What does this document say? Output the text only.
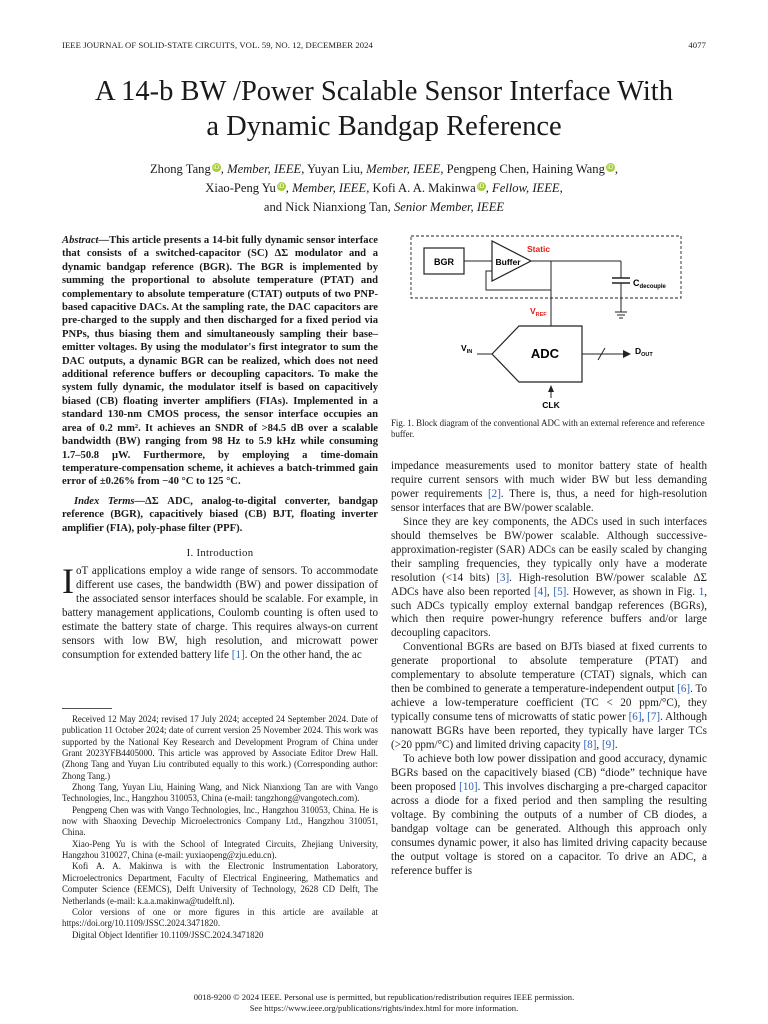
IEEE JOURNAL OF SOLID-STATE CIRCUITS, VOL. 59, NO. 12, DECEMBER 2024	4077
A 14-b BW /Power Scalable Sensor Interface With
a Dynamic Bandgap Reference
Zhong Tang iD, Member, IEEE, Yuyan Liu, Member, IEEE, Pengpeng Chen, Haining Wang iD,
Xiao-Peng Yu iD, Member, IEEE, Kofi A. A. Makinwa iD, Fellow, IEEE,
and Nick Nianxiong Tan, Senior Member, IEEE

Abstract—This article presents a 14-bit fully dynamic sensor interface that consists of a switched-capacitor (SC) ΔΣ modulator and a dynamic bandgap reference (BGR). The BGR is implemented by summing the proportional to absolute temperature (PTAT) and complementary to absolute temperature (CTAT) outputs of two PNP-based capacitive DACs. At the sampling rate, the DAC capacitors are pre-charged to the supply and then discharged for a fixed period via PNPs, thus biasing them and simultaneously sampling their base–emitter voltages. By using the modulator's first integrator to sum the DAC outputs, a dynamic BGR can be realized, which does not need additional reference buffers or decoupling capacitors. To make the system fully dynamic, the modulator itself is based on capacitively biased (CB) floating inverter amplifiers (FIAs). Implemented in a standard 130-nm CMOS process, the sensor interface occupies an area of 0.2 mm². It achieves an SNDR of >84.5 dB over a scalable bandwidth (BW) ranging from 98 Hz to 5.9 kHz while consuming 1.7–50.8 μW. Furthermore, by employing a time-domain temperature-compensation scheme, it achieves a batch-trimmed gain error of ±0.26% from −40 °C to 125 °C.

Index Terms—ΔΣ ADC, analog-to-digital converter, bandgap reference (BGR), capacitively biased (CB) BJT, floating inverter amplifier (FIA), poly-phase filter (PPF).

I. Introduction

IoT applications employ a wide range of sensors. To accommodate different use cases, the bandwidth (BW) and power dissipation of the associated sensor interfaces should be scalable. For example, in battery management applications, Coulomb counting is often used to estimate the battery state of charge. This requires always-on current sensors with low BW, high resolution, and microwatt power consumption for extended battery life [1]. On the other hand, the ac

Received 12 May 2024; revised 17 July 2024; accepted 24 September 2024. Date of publication 11 October 2024; date of current version 25 November 2024. This work was supported by the National Key Research and Development Program of China under Grant 2023YFB4405000. This article was approved by Associate Editor Drew Hall. (Zhong Tang and Yuyan Liu contributed equally to this work.) (Corresponding author: Zhong Tang.)

Zhong Tang, Yuyan Liu, Haining Wang, and Nick Nianxiong Tan are with Vango Technologies, Inc., Hangzhou 310053, China (e-mail: tangzhong@vangotech.com).

Pengpeng Chen was with Vango Technologies, Inc., Hangzhou 310053, China. He is now with Shaoxing Devechip Microelectronics Company Ltd., Hangzhou 310051, China.

Xiao-Peng Yu is with the School of Integrated Circuits, Zhejiang University, Hangzhou 310027, China (e-mail: yuxiaopeng@zju.edu.cn).

Kofi A. A. Makinwa is with the Electronic Instrumentation Laboratory, Microelectronics Department, Faculty of Electrical Engineering, Mathematics and Computer Science (EEMCS), Delft University of Technology, 2628 CD Delft, The Netherlands (e-mail: k.a.a.makinwa@tudelft.nl).

Color versions of one or more figures in this article are available at https://doi.org/10.1109/JSSC.2024.3471820.

Digital Object Identifier 10.1109/JSSC.2024.3471820

BGR	Buffer
Static
$C_{decouple}$
$V_{REF}$
ADC
$V_{IN}$	$D_{OUT}$
CLK
Fig. 1. Block diagram of the conventional ADC with an external reference and reference buffer.

impedance measurements used to monitor battery state of health require current sensors with much wider BW but less demanding power requirements [2]. There is, thus, a need for high-resolution sensor interfaces that are BW/power scalable.

Since they are key components, the ADCs used in such interfaces should themselves be BW/power scalable. Although successive-approximation-register (SAR) ADCs can be easily scaled by changing their sampling frequencies, they typically only have a moderate resolution (<14 bits) [3]. High-resolution BW/power scalable ΔΣ ADCs have also been reported [4], [5]. However, as shown in Fig. 1, such ADCs typically employ external bandgap references (BGRs), which then require power-hungry reference buffers and/or large decoupling capacitors.

Conventional BGRs are based on BJTs biased at fixed currents to generate proportional to absolute temperature (PTAT) and complementary to absolute temperature (CTAT) signals, which can then be combined to generate a temperature-independent output [6]. To achieve a low-temperature coefficient (TC < 20 ppm/°C), they typically consume tens of microwatts of static power [6], [7]. Although nanowatt BGRs have been reported, they typically have larger TCs (>20 ppm/°C) and limited driving capacity [8], [9].

To achieve both low power dissipation and good accuracy, dynamic BGRs based on the capacitively biased (CB) “diode” technique have been proposed [10]. This involves discharging a pre-charged capacitor across a diode for a fixed period and then sampling the resulting voltage. By combining the outputs of a number of CB diodes, a bandgap voltage can be generated. Although this approach only consumes dynamic power, it also has limited driving capacity because the output voltage is stored on a capacitor. To drive an ADC, a reference buffer is

0018-9200 © 2024 IEEE. Personal use is permitted, but republication/redistribution requires IEEE permission.
See https://www.ieee.org/publications/rights/index.html for more information.
